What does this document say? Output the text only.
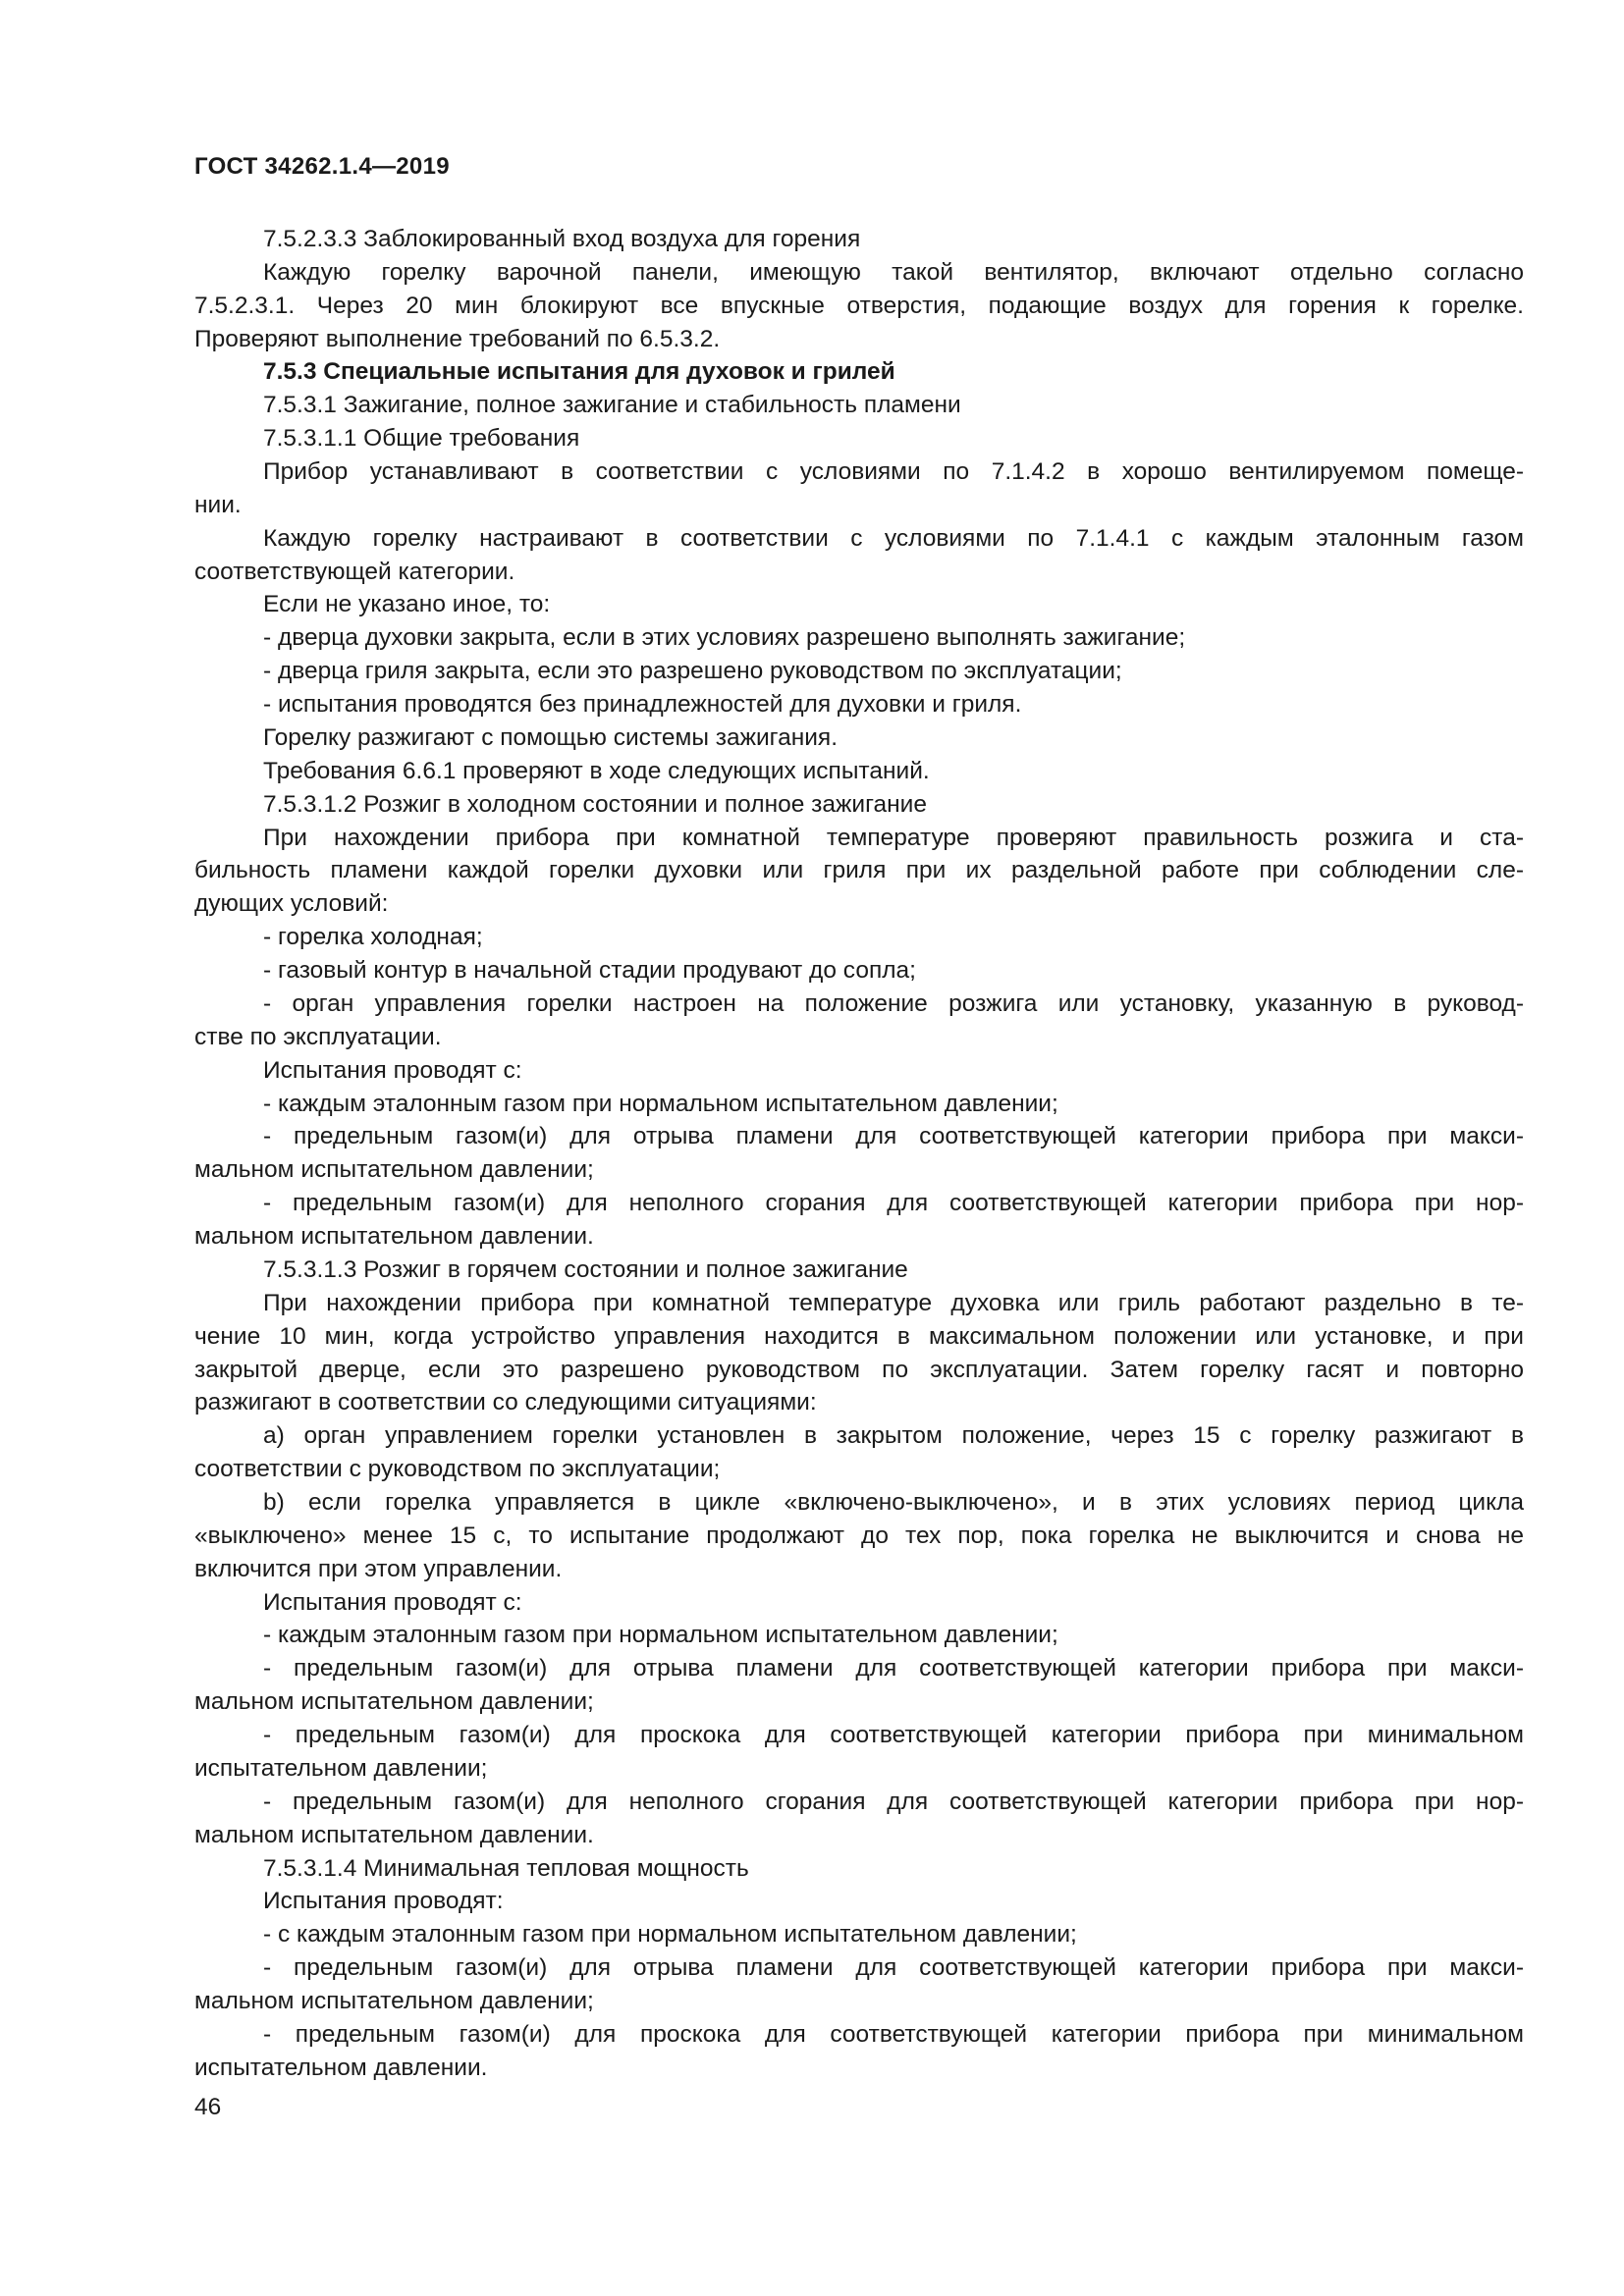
ГОСТ 34262.1.4—2019
7.5.2.3.3 Заблокированный вход воздуха для горения
Каждую горелку варочной панели, имеющую такой вентилятор, включают отдельно согласно
7.5.2.3.1. Через 20 мин блокируют все впускные отверстия, подающие воздух для горения к горелке.
Проверяют выполнение требований по 6.5.3.2.
7.5.3 Специальные испытания для духовок и грилей
7.5.3.1 Зажигание, полное зажигание и стабильность пламени
7.5.3.1.1 Общие требования
Прибор устанавливают в соответствии с условиями по 7.1.4.2 в хорошо вентилируемом помеще-
нии.
Каждую горелку настраивают в соответствии с условиями по 7.1.4.1 с каждым эталонным газом
соответствующей категории.
Если не указано иное, то:
- дверца духовки закрыта, если в этих условиях разрешено выполнять зажигание;
- дверца гриля закрыта, если это разрешено руководством по эксплуатации;
- испытания проводятся без принадлежностей для духовки и гриля.
Горелку разжигают с помощью системы зажигания.
Требования 6.6.1 проверяют в ходе следующих испытаний.
7.5.3.1.2 Розжиг в холодном состоянии и полное зажигание
При нахождении прибора при комнатной температуре проверяют правильность розжига и ста-
бильность пламени каждой горелки духовки или гриля при их раздельной работе при соблюдении сле-
дующих условий:
- горелка холодная;
- газовый контур в начальной стадии продувают до сопла;
- орган управления горелки настроен на положение розжига или установку, указанную в руковод-
стве по эксплуатации.
Испытания проводят с:
- каждым эталонным газом при нормальном испытательном давлении;
- предельным газом(и) для отрыва пламени для соответствующей категории прибора при макси-
мальном испытательном давлении;
- предельным газом(и) для неполного сгорания для соответствующей категории прибора при нор-
мальном испытательном давлении.
7.5.3.1.3 Розжиг в горячем состоянии и полное зажигание
При нахождении прибора при комнатной температуре духовка или гриль работают раздельно в те-
чение 10 мин, когда устройство управления находится в максимальном положении или установке, и при
закрытой дверце, если это разрешено руководством по эксплуатации. Затем горелку гасят и повторно
разжигают в соответствии со следующими ситуациями:
а) орган управлением горелки установлен в закрытом положение, через 15 с горелку разжигают в
соответствии с руководством по эксплуатации;
b) если горелка управляется в цикле «включено-выключено», и в этих условиях период цикла
«выключено» менее 15 с, то испытание продолжают до тех пор, пока горелка не выключится и снова не
включится при этом управлении.
Испытания проводят с:
- каждым эталонным газом при нормальном испытательном давлении;
- предельным газом(и) для отрыва пламени для соответствующей категории прибора при макси-
мальном испытательном давлении;
- предельным газом(и) для проскока для соответствующей категории прибора при минимальном
испытательном давлении;
- предельным газом(и) для неполного сгорания для соответствующей категории прибора при нор-
мальном испытательном давлении.
7.5.3.1.4 Минимальная тепловая мощность
Испытания проводят:
- с каждым эталонным газом при нормальном испытательном давлении;
- предельным газом(и) для отрыва пламени для соответствующей категории прибора при макси-
мальном испытательном давлении;
- предельным газом(и) для проскока для соответствующей категории прибора при минимальном
испытательном давлении.
46
